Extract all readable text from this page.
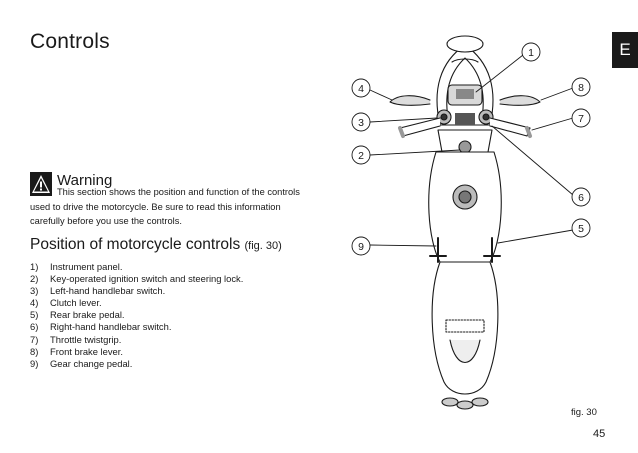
Controls	E
Warning
This section shows the position and function of the controls used to drive the motorcycle. Be sure to read this information carefully before you use the controls.
Position of motorcycle controls (fig. 30)
1)	Instrument panel.
2)	Key-operated ignition switch and steering lock.
3)	Left-hand handlebar switch.
4)	Clutch lever.
5)	Rear brake pedal.
6)	Right-hand handlebar switch.
7)	Throttle twistgrip.
8)	Front brake lever.
9)	Gear change pedal.
1
2
3
4
5
6
7
8
9
fig. 30
45
